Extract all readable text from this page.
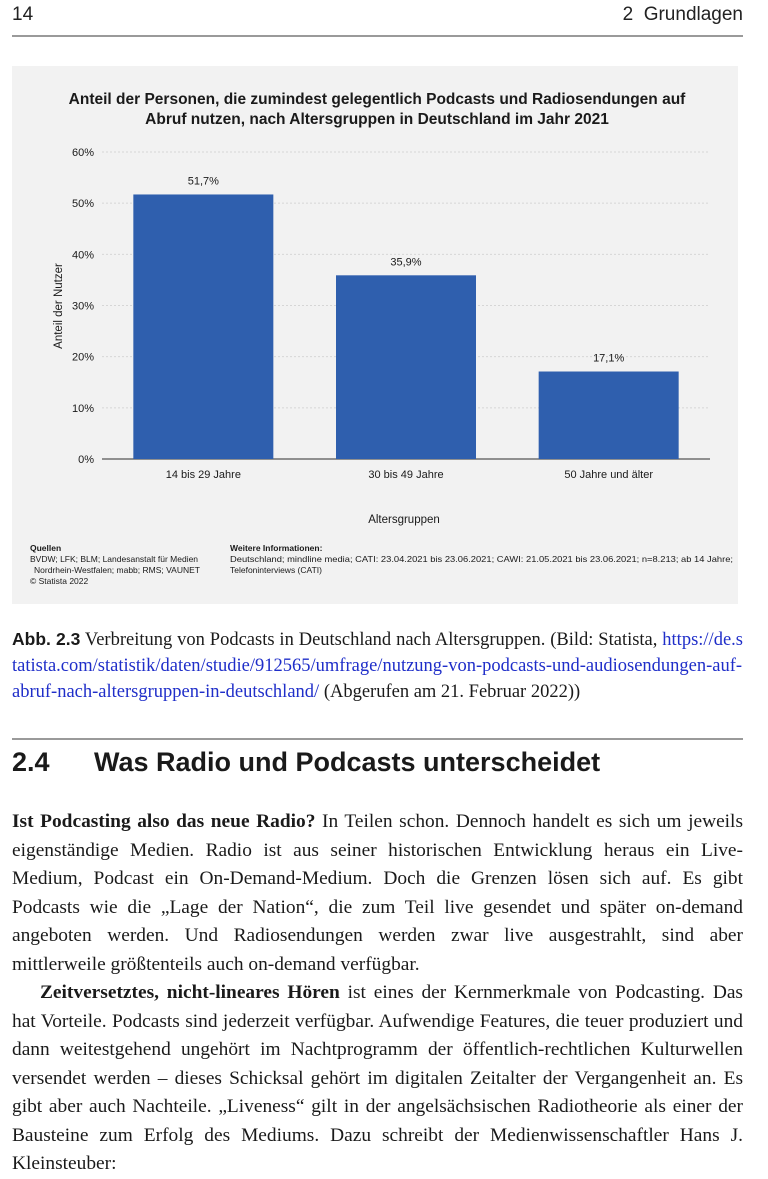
14	2  Grundlagen
Anteil der Personen, die zumindest gelegentlich Podcasts und Radiosendungen auf
Abruf nutzen, nach Altersgruppen in Deutschland im Jahr 2021
0%
10%
20%
30%
40%
50%
60%
51,7%
14 bis 29 Jahre
35,9%
30 bis 49 Jahre
17,1%
50 Jahre und älter
Anteil der Nutzer
Altersgruppen
Quellen
BVDW; LFK; BLM; Landesanstalt für Medien
Nordrhein-Westfalen; mabb; RMS; VAUNET
© Statista 2022
Weitere Informationen:
Deutschland; mindline media; CATI: 23.04.2021 bis 23.06.2021; CAWI: 21.05.2021 bis 23.06.2021; n=8.213; ab 14 Jahre;
Telefoninterviews (CATI)
Abb. 2.3 Verbreitung von Podcasts in Deutschland nach Altersgruppen. (Bild: Statista, https://de.statista.com/statistik/daten/studie/912565/umfrage/nutzung-von-podcasts-und-audiosendungen-auf-abruf-nach-altersgruppen-in-deutschland/ (Abgerufen am 21. Februar 2022))
2.4 Was Radio und Podcasts unterscheidet

Ist Podcasting also das neue Radio? In Teilen schon. Dennoch handelt es sich um jeweils eigenständige Medien. Radio ist aus seiner historischen Entwicklung heraus ein Live-Medium, Podcast ein On-Demand-Medium. Doch die Grenzen lösen sich auf. Es gibt Podcasts wie die „Lage der Nation“, die zum Teil live gesendet und später on-demand angeboten werden. Und Radiosendungen werden zwar live ausgestrahlt, sind aber mittlerweile größtenteils auch on-demand verfügbar.

Zeitversetztes, nicht-lineares Hören ist eines der Kernmerkmale von Podcasting. Das hat Vorteile. Podcasts sind jederzeit verfügbar. Aufwendige Features, die teuer produziert und dann weitestgehend ungehört im Nachtprogramm der öffentlich-rechtlichen Kulturwellen versendet werden – dieses Schicksal gehört im digitalen Zeitalter der Vergangenheit an. Es gibt aber auch Nachteile. „Liveness“ gilt in der angelsächsischen Radiotheorie als einer der Bausteine zum Erfolg des Mediums. Dazu schreibt der Medienwissenschaftler Hans J. Kleinsteuber:
